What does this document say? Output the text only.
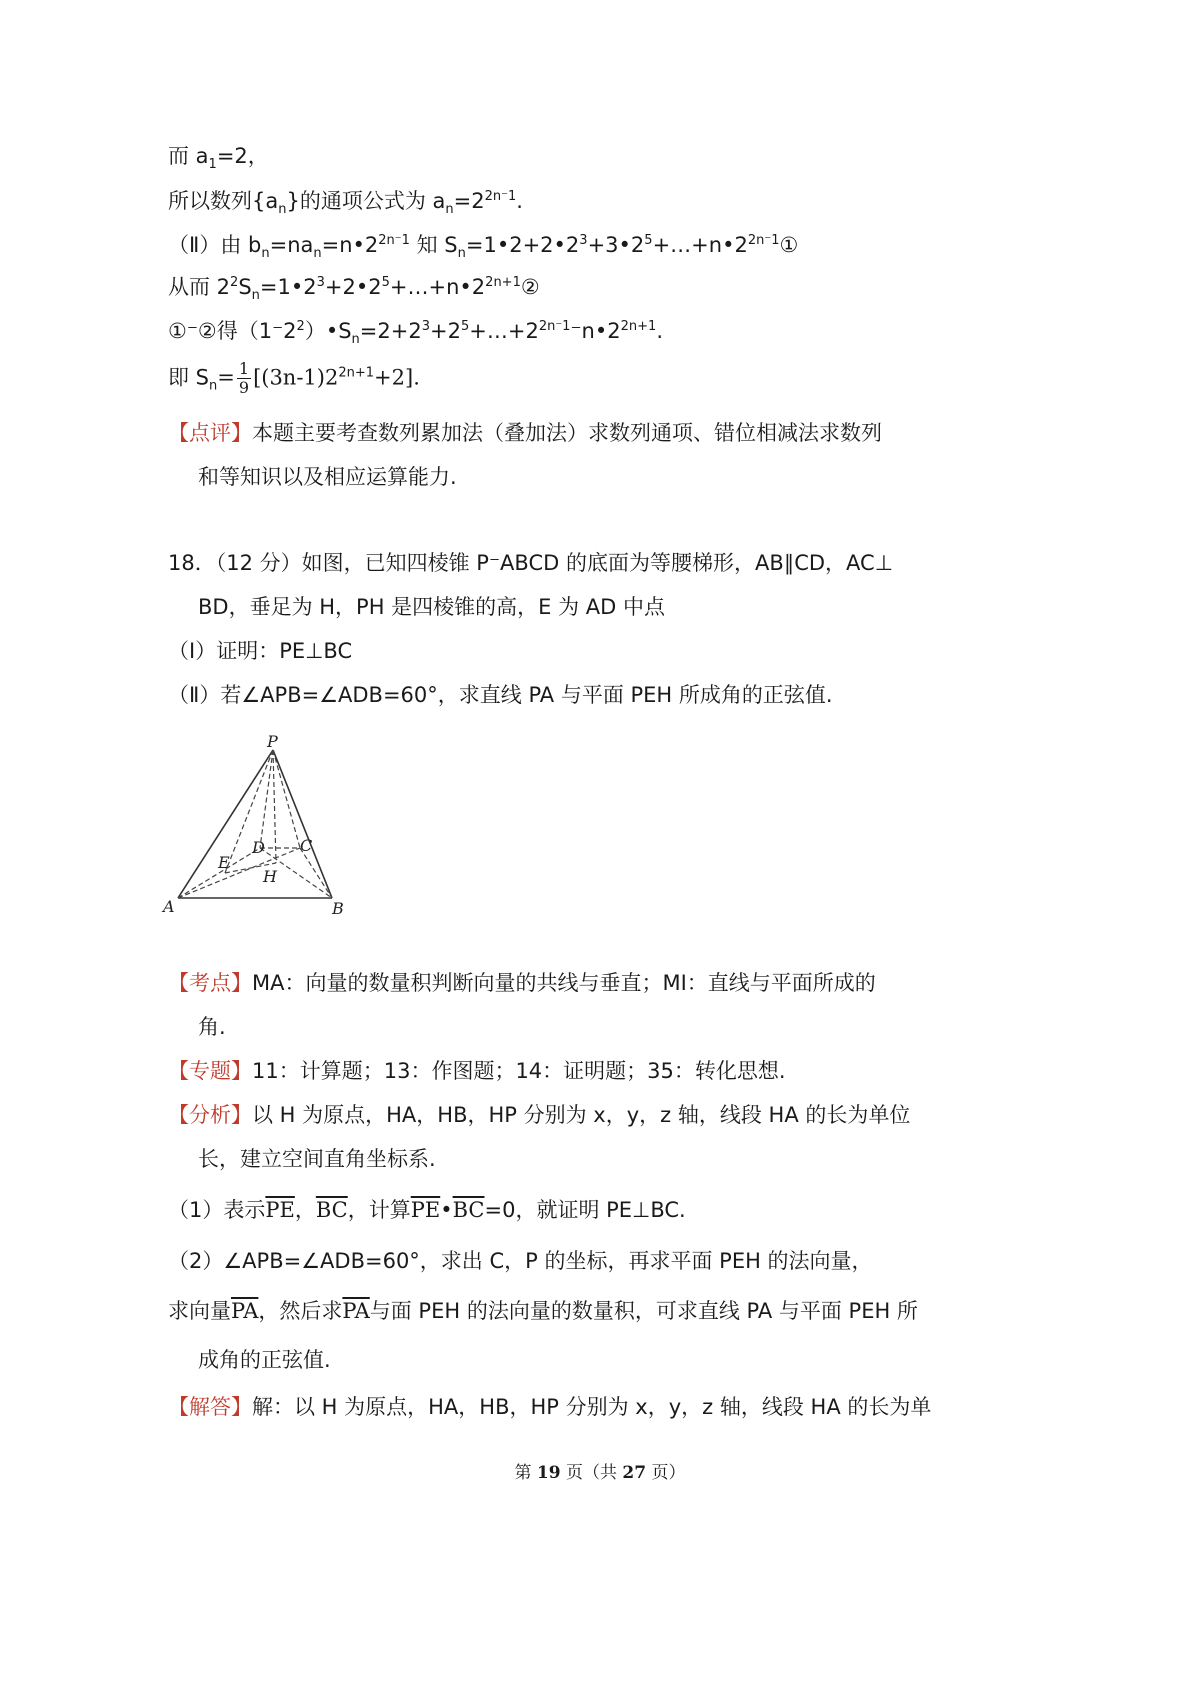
而 $a_1=2$，

所以数列$\{a_n\}$的通项公式为 $a_n=2^{2n^-1}$.

（Ⅱ）由 $b_n=na_n=n•2^{2n^-1}$ 知 $S_n=1•2+2•2^3+3•2^5+\dots+n•2^{2n^-1}①$

从而 $2^2S_n=1•2^3+2•2^5+\dots+n•2^{2n+1}②$

①⁻②得$(1^-2^2)•S_n=2+2^3+2^5+\dots+2^{2n^-1}^-n•2^{2n+1}$.

即 $S_n= \frac{1}{9} [(3n-1)2^{2n+1}+2]$.

【点评】本题主要考查数列累加法（叠加法）求数列通项、错位相减法求数列

和等知识以及相应运算能力.

18．（12 分）如图，已知四棱锥 P⁻ABCD 的底面为等腰梯形，AB∥CD，AC⊥

BD，垂足为 H，PH 是四棱锥的高，E 为 AD 中点

（Ⅰ）证明：PE⊥BC

（Ⅱ）若∠APB=∠ADB=60°，求直线 PA 与平面 PEH 所成角的正弦值.

P
D C
E
H
A	B

【考点】MA：向量的数量积判断向量的共线与垂直；MI：直线与平面所成的

角.

【专题】11：计算题；13：作图题；14：证明题；35：转化思想.

【分析】以 H 为原点，HA，HB，HP 分别为 x，y，z 轴，线段 HA 的长为单位

长，建立空间直角坐标系.

（1）表示$\overline{PE}$，$\overline{BC}$，计算$\overline{PE}•\overline{BC}=0$，就证明 PE⊥BC.

（2）∠APB=∠ADB=60°，求出 C，P 的坐标，再求平面 PEH 的法向量，

求向量$\overline{PA}$，然后求$\overline{PA}$与面 PEH 的法向量的数量积，可求直线 PA 与平面 PEH 所

成角的正弦值.

【解答】解：以 H 为原点，HA，HB，HP 分别为 x，y，z 轴，线段 HA 的长为单

第 19 页（共 27 页）
